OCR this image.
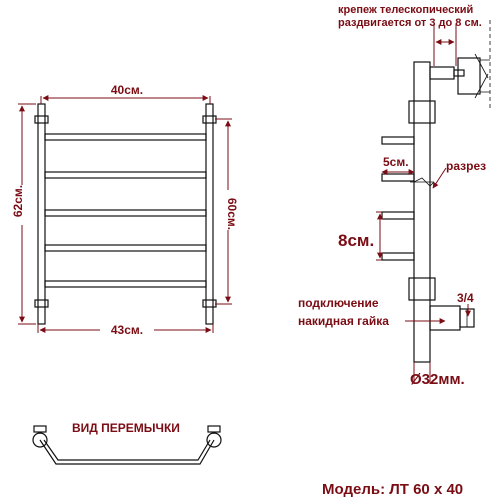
40см.
43см.
62см.	60см.
крепеж телескопический
раздвигается от 3 до 8 см.
5см.	разрез
8см.
3/4
подключение
накидная гайка
Ø32мм.
ВИД ПЕРЕМЫЧКИ
Модель: ЛТ 60 х 40
